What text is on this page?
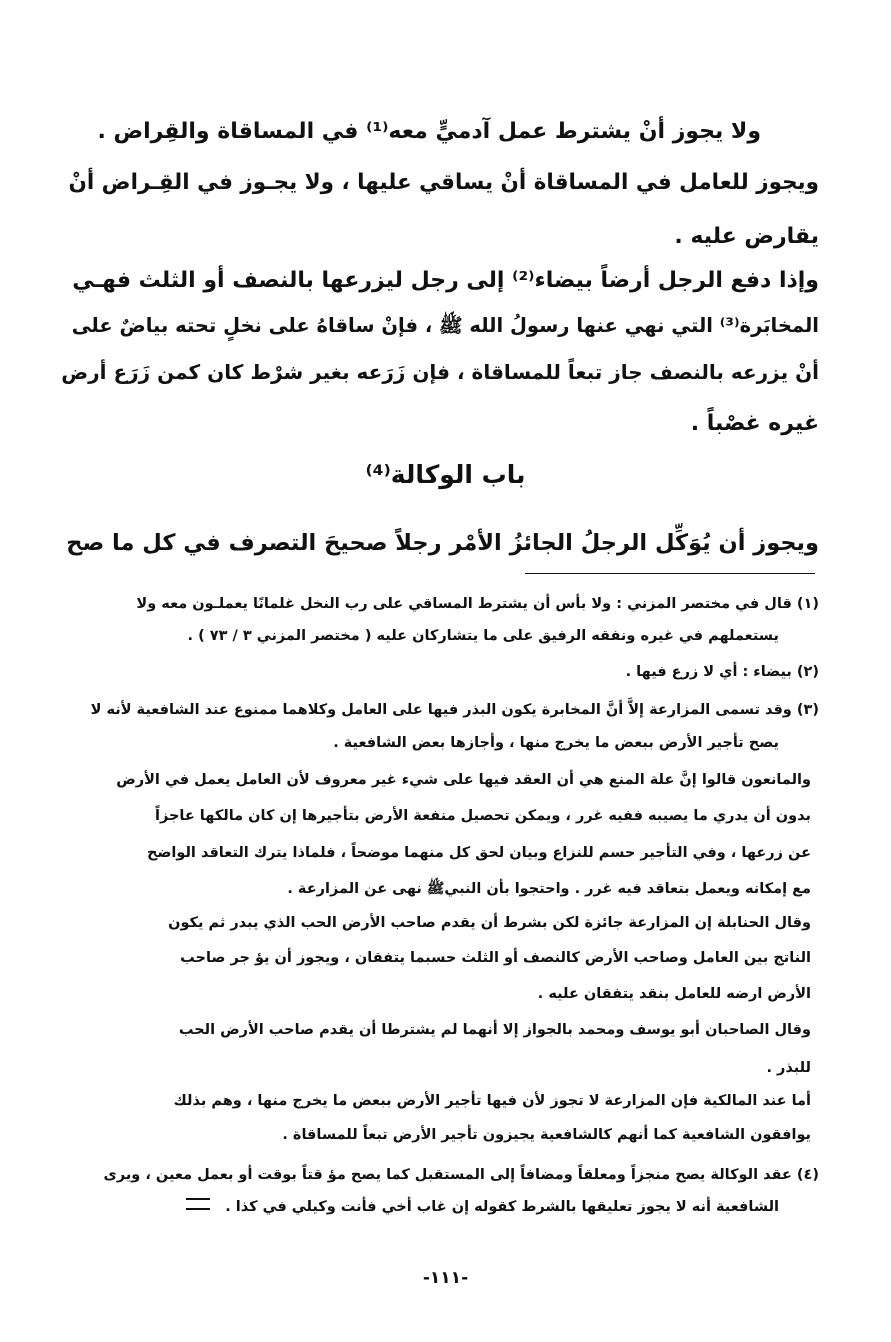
ولا يجوز أنْ يشترط عمل آدميٍّ معه⁽¹⁾ في المساقاة والقِراض .
ويجوز للعامل في المساقاة أنْ يساقي عليها ، ولا يجـوز في القِـراض أنْ
يقارض عليه .
وإذا دفع الرجل أرضاً بيضاء⁽²⁾ إلى رجل ليزرعها بالنصف أو الثلث فهـي
المخابَرة⁽³⁾ التي نهي عنها رسولُ الله ﷺ ، فإنْ ساقاهُ على نخلٍ تحته بياضٌ على
أنْ يزرعه بالنصف جاز تبعاً للمساقاة ، فإن زَرَعه بغير شرْط كان كمن زَرَع أرض
غيره غصْباً .
باب الوكالة⁽⁴⁾
ويجوز أن يُوَكِّل الرجلُ الجائزُ الأمْر رجلاً صحيحَ التصرف في كل ما صح
(١) قال في مختصر المزني : ولا بأس أن يشترط المساقي على رب النخل غلمانًا يعملـون معه ولا
يستعملهم في غيره ونفقه الرفيق على ما يتشاركان عليه ( مختصر المزني ٣ / ٧٣ ) .
(٢) بيضاء : أي لا زرع فيها .
(٣) وقد تسمى المزارعة إلاَّ أنَّ المخابرة يكون البذر فيها على العامل وكلاهما ممنوع عند الشافعية لأنه لا
يصح تأجير الأرض ببعض ما يخرج منها ، وأجازها بعض الشافعية .
والمانعون قالوا إنَّ علة المنع هي أن العقد فيها على شيء غير معروف لأن العامل يعمل في الأرض
بدون أن يدري ما يصيبه ففيه غرر ، ويمكن تحصيل منفعة الأرض بتأجيرها إن كان مالكها عاجزاً
عن زرعها ، وفي التأجير حسم للنزاع وبيان لحق كل منهما موضحاً ، فلماذا يترك التعاقد الواضح
مع إمكانه ويعمل بتعاقد فيه غرر . واحتجوا بأن النبيﷺ نهى عن المزارعة .
وقال الحنابلة إن المزارعة جائزة لكن بشرط أن يقدم صاحب الأرض الحب الذي يبدر ثم يكون
الناتج بين العامل وصاحب الأرض كالنصف أو الثلث حسبما يتفقان ، ويجوز أن يؤ جر صاحب
الأرض ارضه للعامل بنقد يتفقان عليه .
وقال الصاحبان أبو يوسف ومحمد بالجواز إلا أنهما لم يشترطا أن يقدم صاحب الأرض الحب
للبذر .
أما عند المالكية فإن المزارعة لا تجوز لأن فيها تأجير الأرض ببعض ما يخرج منها ، وهم بذلك
يوافقون الشافعية كما أنهم كالشافعية يجيزون تأجير الأرض تبعاً للمساقاة .
(٤) عقد الوكالة يصح منجزاً ومعلقاً ومضافاً إلى المستقبل كما يصح مؤ قتاً بوقت أو بعمل معين ، ويرى
الشافعية أنه لا يجوز تعليقها بالشرط كقوله إن غاب أخي فأنت وكيلي في كذا .
-١١١-
